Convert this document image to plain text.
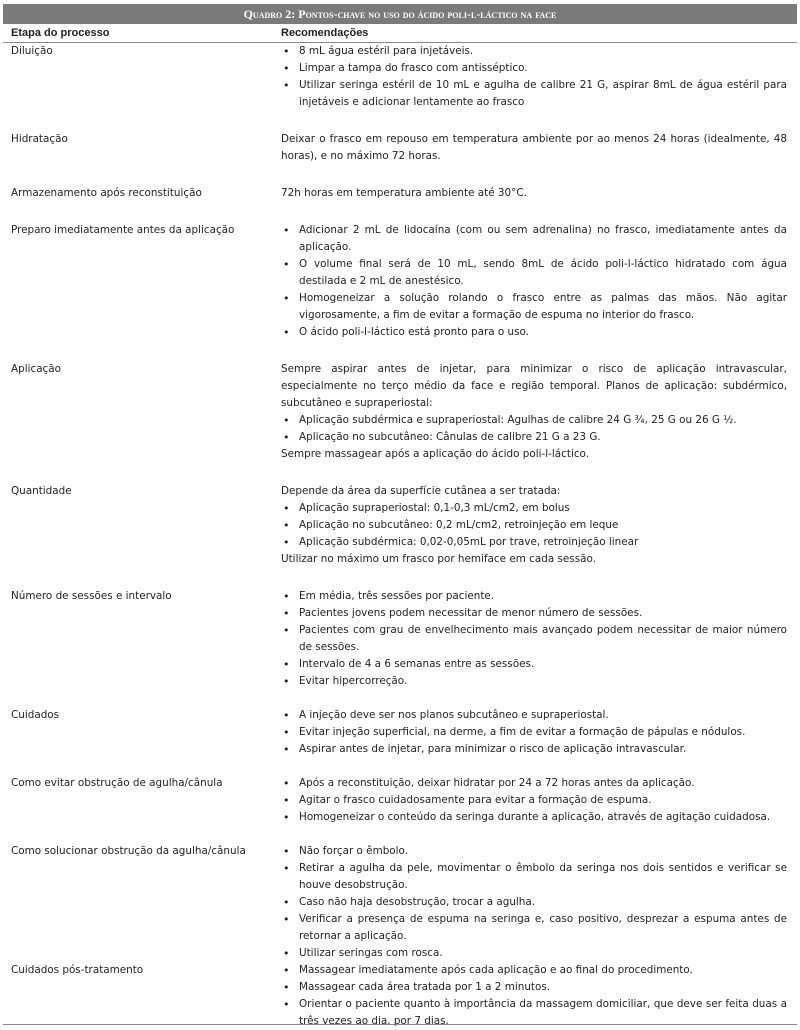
Quadro 2: Pontos-chave no uso do ácido poli-l-láctico na face
Etapa do processo	Recomendações
Diluição	• 8 mL água estéril para injetáveis.
• Limpar a tampa do frasco com antisséptico.
• Utilizar seringa estéril de 10 mL e agulha de calibre 21 G, aspirar 8mL de água estéril para injetáveis e adicionar lentamente ao frasco
Hidratação	Deixar o frasco em repouso em temperatura ambiente por ao menos 24 horas (idealmente, 48 horas), e no máximo 72 horas.

Armazenamento após reconstituição	72h horas em temperatura ambiente até 30°C.

Preparo imediatamente antes da aplicação	• Adicionar 2 mL de lidocaína (com ou sem adrenalina) no frasco, imediatamente antes da aplicação.
• O volume final será de 10 mL, sendo 8mL de ácido poli-l-láctico hidratado com água destilada e 2 mL de anestésico.
• Homogeneizar a solução rolando o frasco entre as palmas das mãos. Não agitar vigorosamente, a fim de evitar a formação de espuma no interior do frasco.
• O ácido poli-l-láctico está pronto para o uso.
Aplicação	Sempre aspirar antes de injetar, para minimizar o risco de aplicação intravascular, especialmente no terço médio da face e região temporal. Planos de aplicação: subdérmico, subcutâneo e supraperiostal:

• Aplicação subdérmica e supraperiostal: Agulhas de calibre 24 G ¾, 25 G ou 26 G ½.
• Aplicação no subcutâneo: Cânulas de calibre 21 G a 23 G.

Sempre massagear após a aplicação do ácido poli-l-láctico.

Quantidade	Depende da área da superfície cutânea a ser tratada:

• Aplicação supraperiostal: 0,1-0,3 mL/cm2, em bolus
• Aplicação no subcutâneo: 0,2 mL/cm2, retroinjeção em leque
• Aplicação subdérmica: 0,02-0,05mL por trave, retroinjeção linear

Utilizar no máximo um frasco por hemiface em cada sessão.

Número de sessões e intervalo	• Em média, três sessões por paciente.
• Pacientes jovens podem necessitar de menor número de sessões.
• Pacientes com grau de envelhecimento mais avançado podem necessitar de maior número de sessões.
• Intervalo de 4 a 6 semanas entre as sessões.
• Evitar hipercorreção.
Cuidados	• A injeção deve ser nos planos subcutâneo e supraperiostal.
• Evitar injeção superficial, na derme, a fim de evitar a formação de pápulas e nódulos.
• Aspirar antes de injetar, para minimizar o risco de aplicação intravascular.
Como evitar obstrução de agulha/cânula	• Após a reconstituição, deixar hidratar por 24 a 72 horas antes da aplicação.
• Agitar o frasco cuidadosamente para evitar a formação de espuma.
• Homogeneizar o conteúdo da seringa durante a aplicação, através de agitação cuidadosa.
Como solucionar obstrução da agulha/cânula	• Não forçar o êmbolo.
• Retirar a agulha da pele, movimentar o êmbolo da seringa nos dois sentidos e verificar se houve desobstrução.
• Caso não haja desobstrução, trocar a agulha.
• Verificar a presença de espuma na seringa e, caso positivo, desprezar a espuma antes de retornar a aplicação.
• Utilizar seringas com rosca.
Cuidados pós-tratamento	• Massagear imediatamente após cada aplicação e ao final do procedimento.
• Massagear cada área tratada por 1 a 2 minutos.
• Orientar o paciente quanto à importância da massagem domiciliar, que deve ser feita duas a três vezes ao dia, por 7 dias.
